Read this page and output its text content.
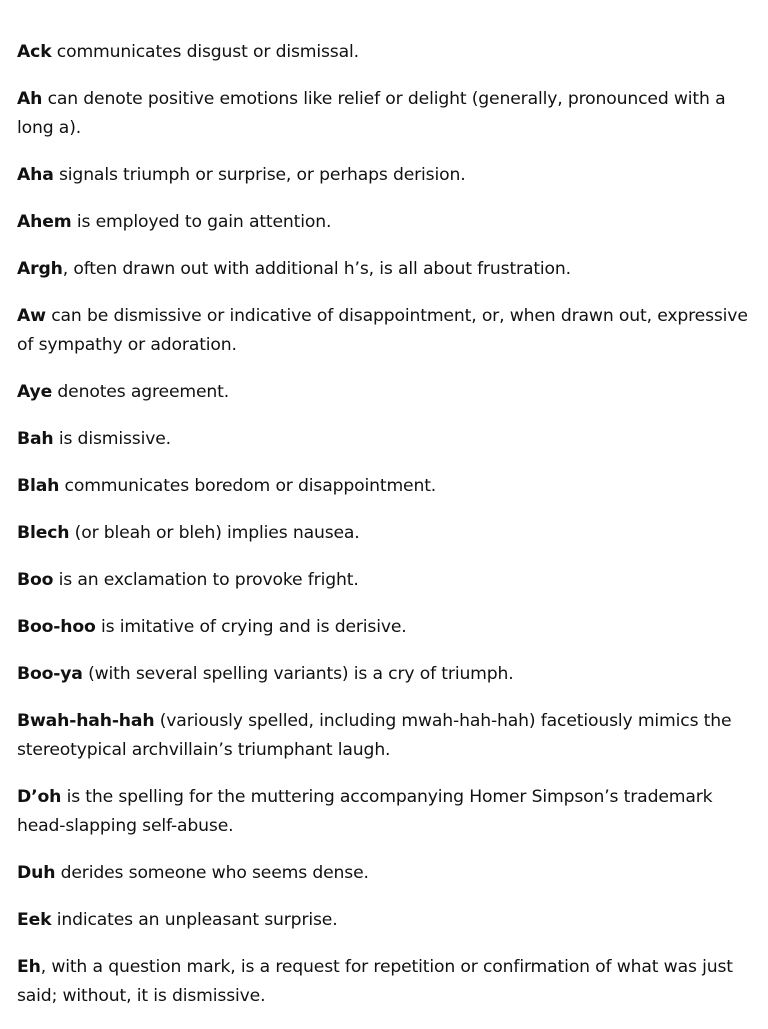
Ack communicates disgust or dismissal.

Ah can denote positive emotions like relief or delight (generally, pronounced with a long a).

Aha signals triumph or surprise, or perhaps derision.

Ahem is employed to gain attention.

Argh, often drawn out with additional h’s, is all about frustration.

Aw can be dismissive or indicative of disappointment, or, when drawn out, expressive of sympathy or adoration.

Aye denotes agreement.

Bah is dismissive.

Blah communicates boredom or disappointment.

Blech (or bleah or bleh) implies nausea.

Boo is an exclamation to provoke fright.

Boo-hoo is imitative of crying and is derisive.

Boo-ya (with several spelling variants) is a cry of triumph.

Bwah-hah-hah (variously spelled, including mwah-hah-hah) facetiously mimics the stereotypical archvillain’s triumphant laugh.

D’oh is the spelling for the muttering accompanying Homer Simpson’s trademark head-slapping self-abuse.

Duh derides someone who seems dense.

Eek indicates an unpleasant surprise.

Eh, with a question mark, is a request for repetition or confirmation of what was just said; without, it is dismissive.
